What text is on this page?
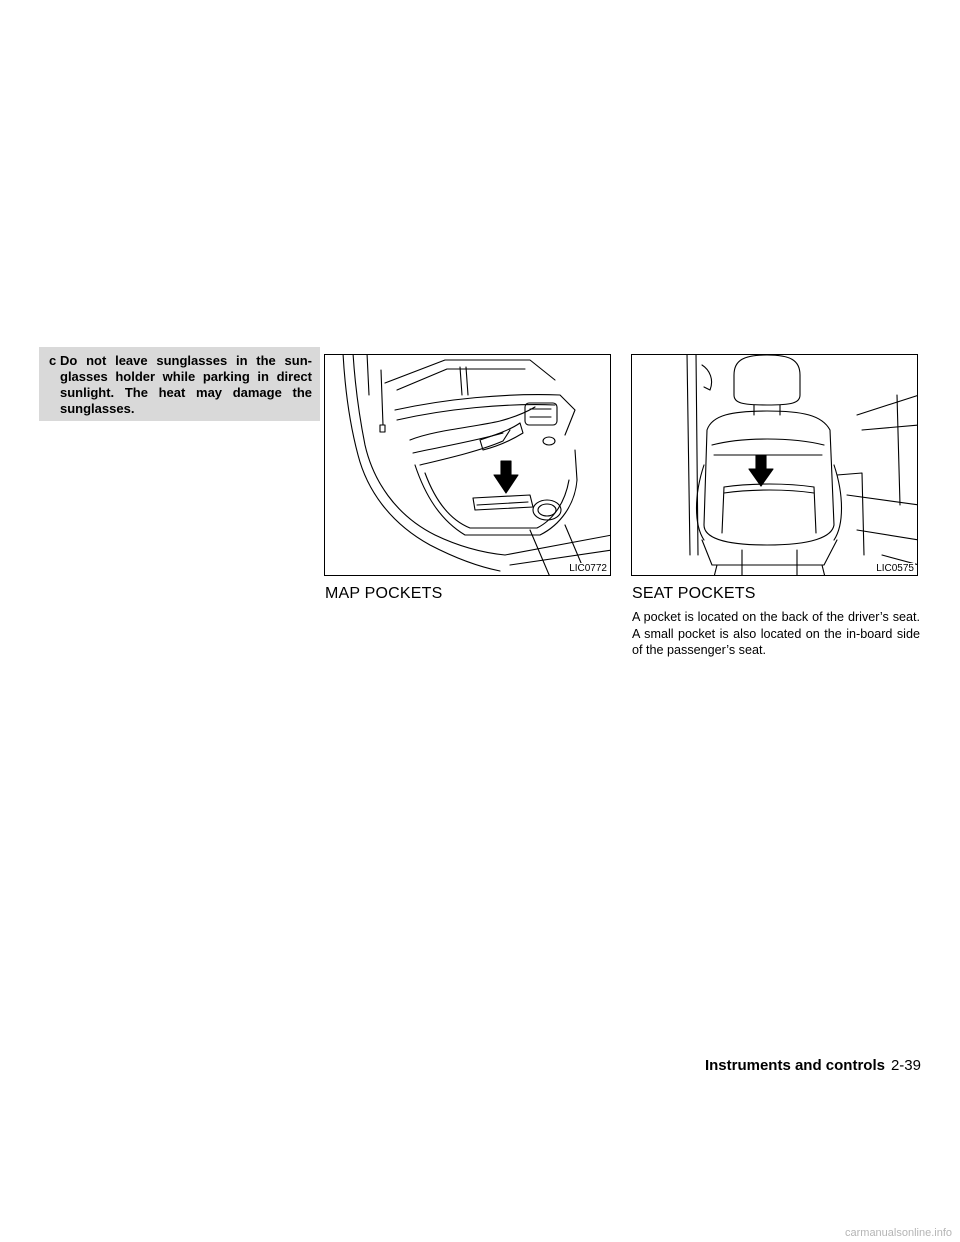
c Do not leave sunglasses in the sun-glasses holder while parking in direct sunlight. The heat may damage the sunglasses.
LIC0772	LIC0575
MAP POCKETS	SEAT POCKETS
A pocket is located on the back of the driver’s seat. A small pocket is also located on the in-board side of the passenger’s seat.
Instruments and controls 2-39
carmanualsonline.info
